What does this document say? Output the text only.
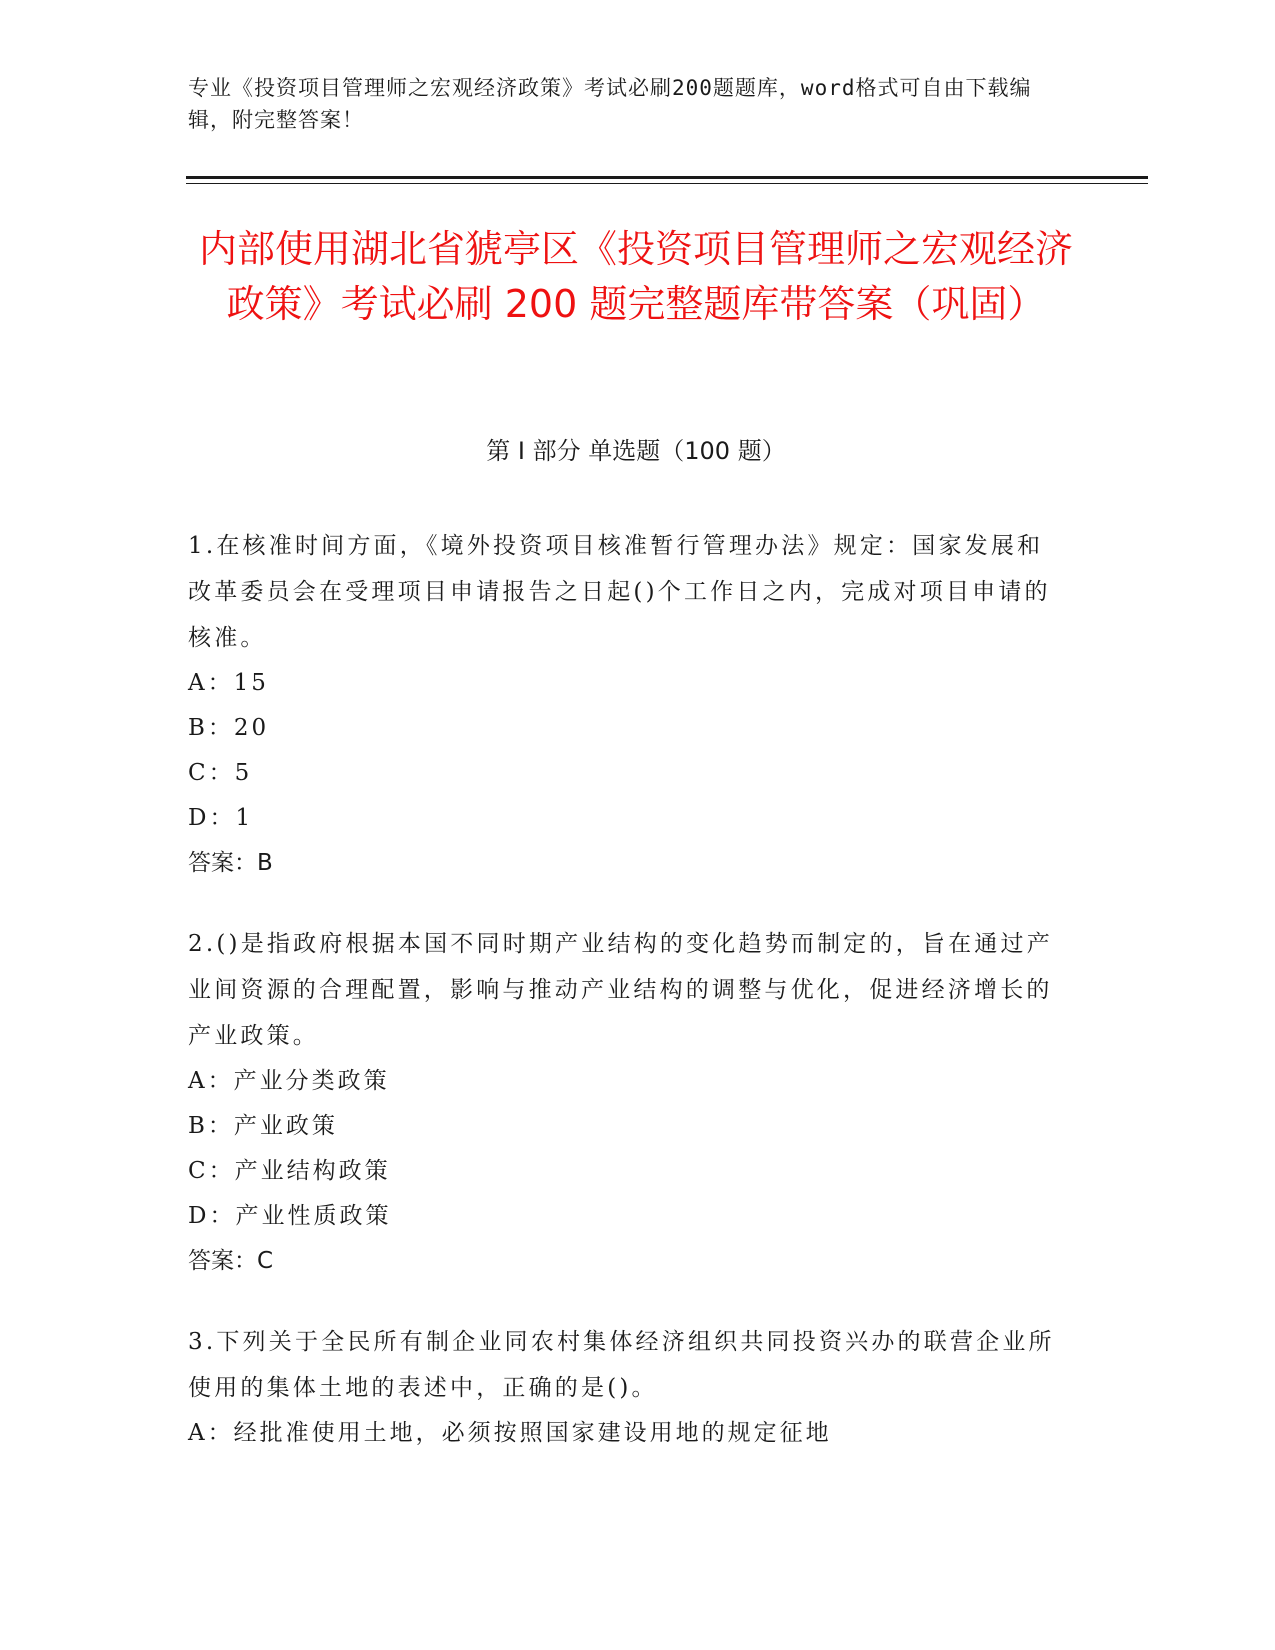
专业《投资项目管理师之宏观经济政策》考试必刷200题题库，word格式可自由下载编辑，附完整答案！
内部使用湖北省猇亭区《投资项目管理师之宏观经济政策》考试必刷 200 题完整题库带答案（巩固）
第 I 部分 单选题（100 题）

1.在核准时间方面，《境外投资项目核准暂行管理办法》规定：国家发展和改革委员会在受理项目申请报告之日起()个工作日之内，完成对项目申请的核准。

A：15

B：20

C：5

D：1

答案：B

2.()是指政府根据本国不同时期产业结构的变化趋势而制定的，旨在通过产业间资源的合理配置，影响与推动产业结构的调整与优化，促进经济增长的产业政策。

A：产业分类政策

B：产业政策

C：产业结构政策

D：产业性质政策

答案：C

3.下列关于全民所有制企业同农村集体经济组织共同投资兴办的联营企业所使用的集体土地的表述中，正确的是()。

A：经批准使用土地，必须按照国家建设用地的规定征地
